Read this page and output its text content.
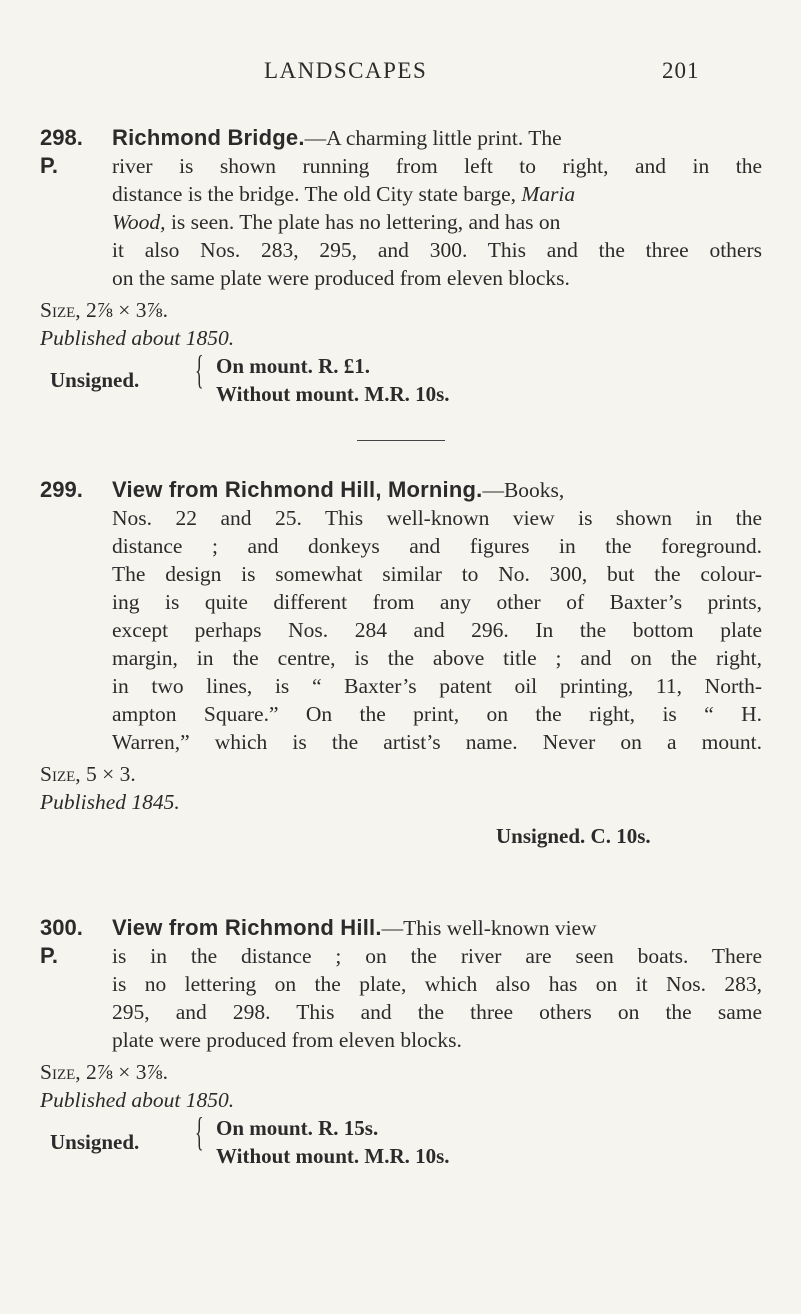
LANDSCAPES	201
298. Richmond Bridge.—A charming little print. The
P.	river is shown running from left to right, and in the
distance is the bridge. The old City state barge, Maria
Wood, is seen. The plate has no lettering, and has on
it also Nos. 283, 295, and 300. This and the three others
on the same plate were produced from eleven blocks.
Size, 2⅞ × 3⅞.
Published about 1850.
Unsigned. { On mount. R. £1.
Without mount. M.R. 10s.
299. View from Richmond Hill, Morning.—Books,
Nos. 22 and 25. This well-known view is shown in the
distance ; and donkeys and figures in the foreground.
The design is somewhat similar to No. 300, but the colour-
ing is quite different from any other of Baxter’s prints,
except perhaps Nos. 284 and 296. In the bottom plate
margin, in the centre, is the above title ; and on the right,
in two lines, is “ Baxter’s patent oil printing, 11, North-
ampton Square.” On the print, on the right, is “ H.
Warren,” which is the artist’s name. Never on a mount.
Size, 5 × 3.
Published 1845.
Unsigned. C. 10s.
300. View from Richmond Hill.—This well-known view
P.	is in the distance ; on the river are seen boats. There
is no lettering on the plate, which also has on it Nos. 283,
295, and 298. This and the three others on the same
plate were produced from eleven blocks.
Size, 2⅞ × 3⅞.
Published about 1850.
Unsigned. { On mount. R. 15s.
Without mount. M.R. 10s.
